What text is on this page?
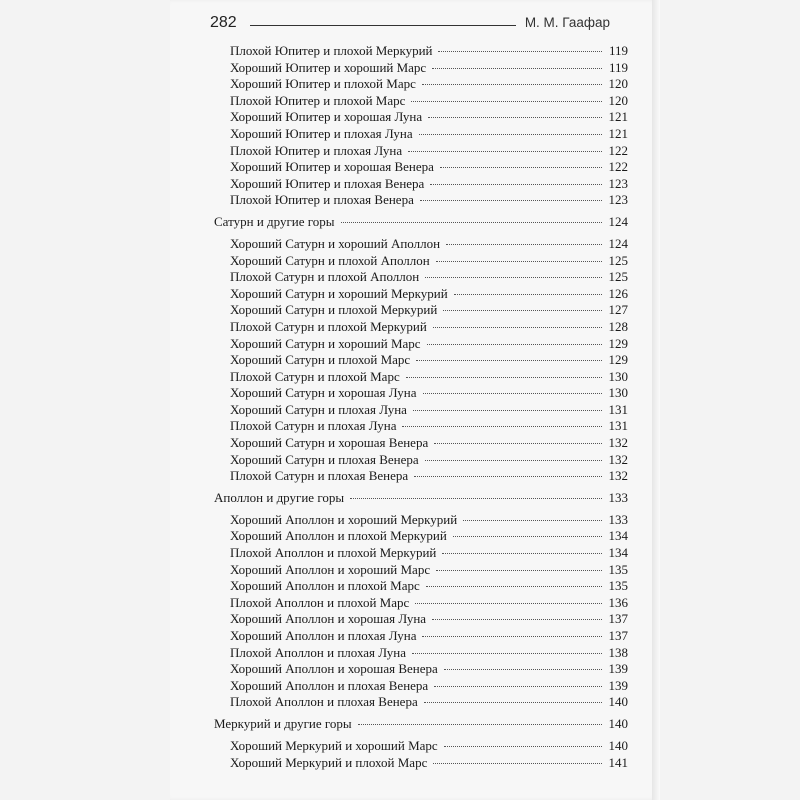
282	М. М. Гаафар
Плохой Юпитер и плохой Меркурий	119
Хороший Юпитер и хороший Марс	119
Хороший Юпитер и плохой Марс	120
Плохой Юпитер и плохой Марс	120
Хороший Юпитер и хорошая Луна	121
Хороший Юпитер и плохая Луна	121
Плохой Юпитер и плохая Луна	122
Хороший Юпитер и хорошая Венера	122
Хороший Юпитер и плохая Венера	123
Плохой Юпитер и плохая Венера	123
Сатурн и другие горы	124
Хороший Сатурн и хороший Аполлон	124
Хороший Сатурн и плохой Аполлон	125
Плохой Сатурн и плохой Аполлон	125
Хороший Сатурн и хороший Меркурий	126
Хороший Сатурн и плохой Меркурий	127
Плохой Сатурн и плохой Меркурий	128
Хороший Сатурн и хороший Марс	129
Хороший Сатурн и плохой Марс	129
Плохой Сатурн и плохой Марс	130
Хороший Сатурн и хорошая Луна	130
Хороший Сатурн и плохая Луна	131
Плохой Сатурн и плохая Луна	131
Хороший Сатурн и хорошая Венера	132
Хороший Сатурн и плохая Венера	132
Плохой Сатурн и плохая Венера	132
Аполлон и другие горы	133
Хороший Аполлон и хороший Меркурий	133
Хороший Аполлон и плохой Меркурий	134
Плохой Аполлон и плохой Меркурий	134
Хороший Аполлон и хороший Марс	135
Хороший Аполлон и плохой Марс	135
Плохой Аполлон и плохой Марс	136
Хороший Аполлон и хорошая Луна	137
Хороший Аполлон и плохая Луна	137
Плохой Аполлон и плохая Луна	138
Хороший Аполлон и хорошая Венера	139
Хороший Аполлон и плохая Венера	139
Плохой Аполлон и плохая Венера	140
Меркурий и другие горы	140
Хороший Меркурий и хороший Марс	140
Хороший Меркурий и плохой Марс	141
